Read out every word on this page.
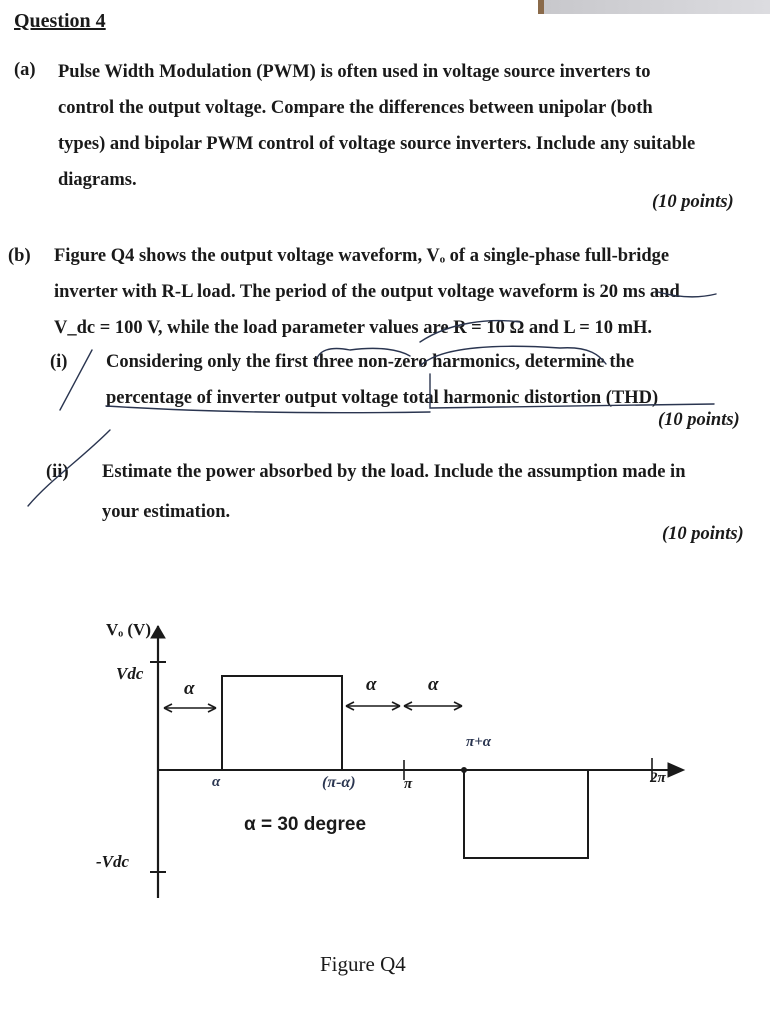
Question 4
(a) Pulse Width Modulation (PWM) is often used in voltage source inverters to
control the output voltage. Compare the differences between unipolar (both
types) and bipolar PWM control of voltage source inverters. Include any suitable
diagrams.
(10 points)
(b) Figure Q4 shows the output voltage waveform, Vₒ of a single-phase full-bridge
inverter with R-L load. The period of the output voltage waveform is 20 ms and
V_dc = 100 V, while the load parameter values are R = 10 Ω and L = 10 mH.
(i) Considering only the first three non-zero harmonics, determine the
percentage of inverter output voltage total harmonic distortion (THD)
(10 points)
(ii) Estimate the power absorbed by the load. Include the assumption made in
your estimation.
(10 points)
Vₒ (V)
Vdc
-Vdc
α	α	α
π	2π
α	(π-α)
π+α
α = 30 degree
Figure Q4
